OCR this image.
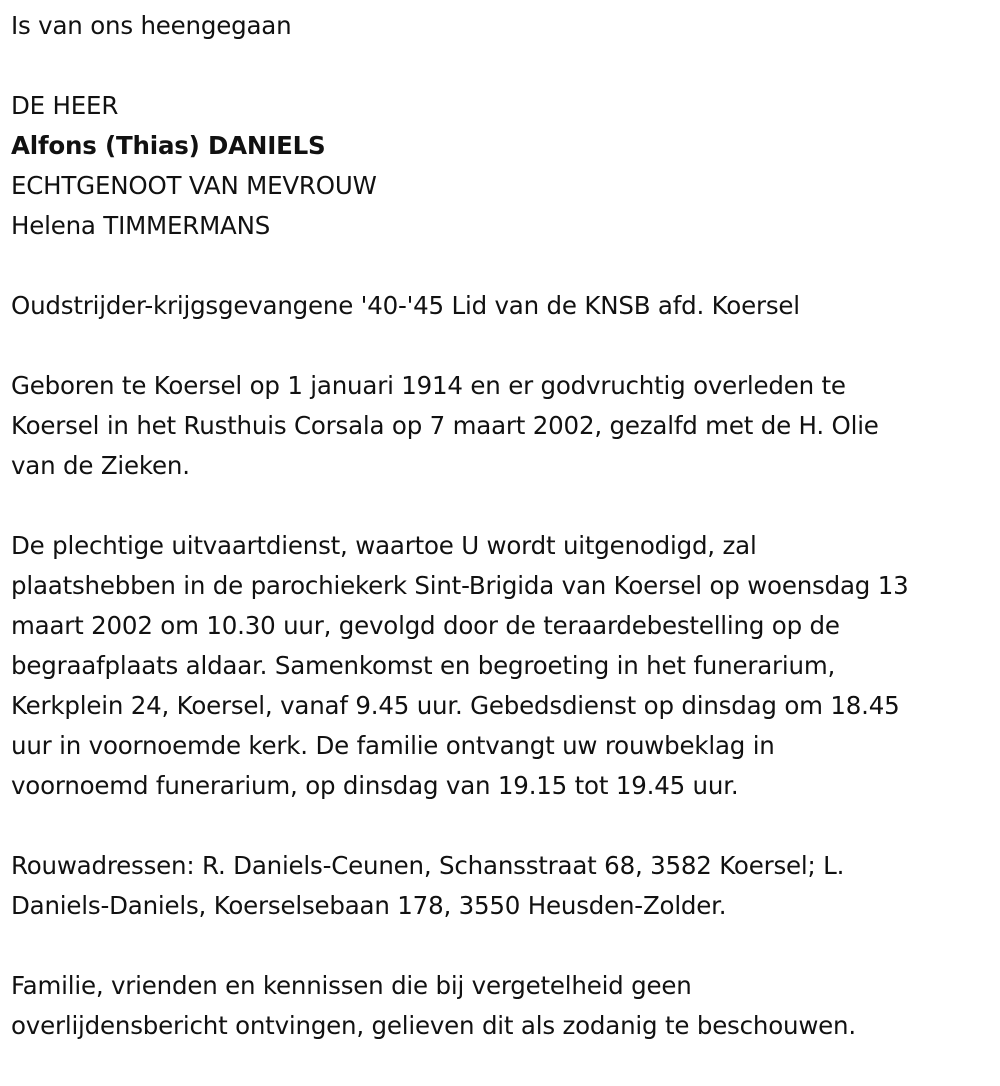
Is van ons heengegaan
DE HEER
Alfons (Thias) DANIELS
ECHTGENOOT VAN MEVROUW
Helena TIMMERMANS
Oudstrijder-krijgsgevangene '40-'45 Lid van de KNSB afd. Koersel
Geboren te Koersel op 1 januari 1914 en er godvruchtig overleden te
Koersel in het Rusthuis Corsala op 7 maart 2002, gezalfd met de H. Olie
van de Zieken.
De plechtige uitvaartdienst, waartoe U wordt uitgenodigd, zal
plaatshebben in de parochiekerk Sint-Brigida van Koersel op woensdag 13
maart 2002 om 10.30 uur, gevolgd door de teraardebestelling op de
begraafplaats aldaar. Samenkomst en begroeting in het funerarium,
Kerkplein 24, Koersel, vanaf 9.45 uur. Gebedsdienst op dinsdag om 18.45
uur in voornoemde kerk. De familie ontvangt uw rouwbeklag in
voornoemd funerarium, op dinsdag van 19.15 tot 19.45 uur.
Rouwadressen: R. Daniels-Ceunen, Schansstraat 68, 3582 Koersel; L.
Daniels-Daniels, Koerselsebaan 178, 3550 Heusden-Zolder.
Familie, vrienden en kennissen die bij vergetelheid geen
overlijdensbericht ontvingen, gelieven dit als zodanig te beschouwen.
